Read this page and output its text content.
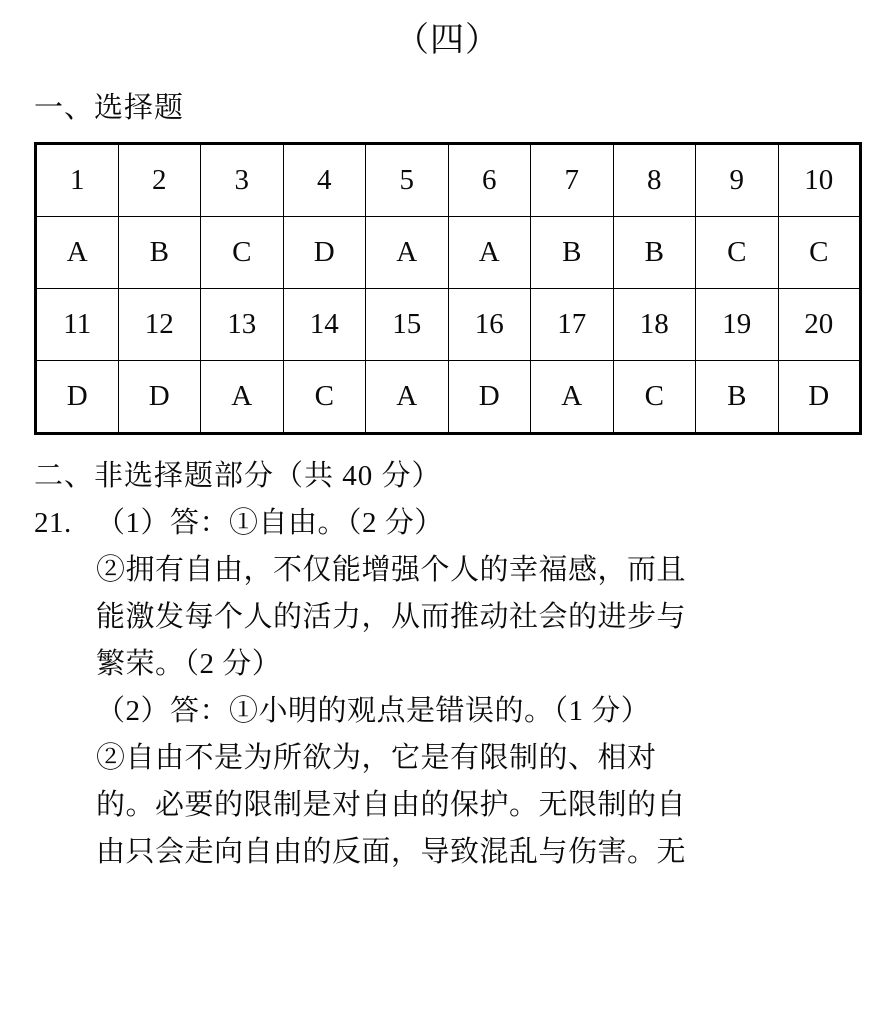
（四）
一、选择题
1	2	3	4	5	6	7	8	9	10
A	B	C	D	A	A	B	B	C	C
11	12	13	14	15	16	17	18	19	20
D	D	A	C	A	D	A	C	B	D
二、非选择题部分（共 40 分）
21. （1）答：①自由。（2 分）
②拥有自由，不仅能增强个人的幸福感，而且
能激发每个人的活力，从而推动社会的进步与
繁荣。（2 分）
（2）答：①小明的观点是错误的。（1 分）
②自由不是为所欲为，它是有限制的、相对
的。必要的限制是对自由的保护。无限制的自
由只会走向自由的反面，导致混乱与伤害。无
